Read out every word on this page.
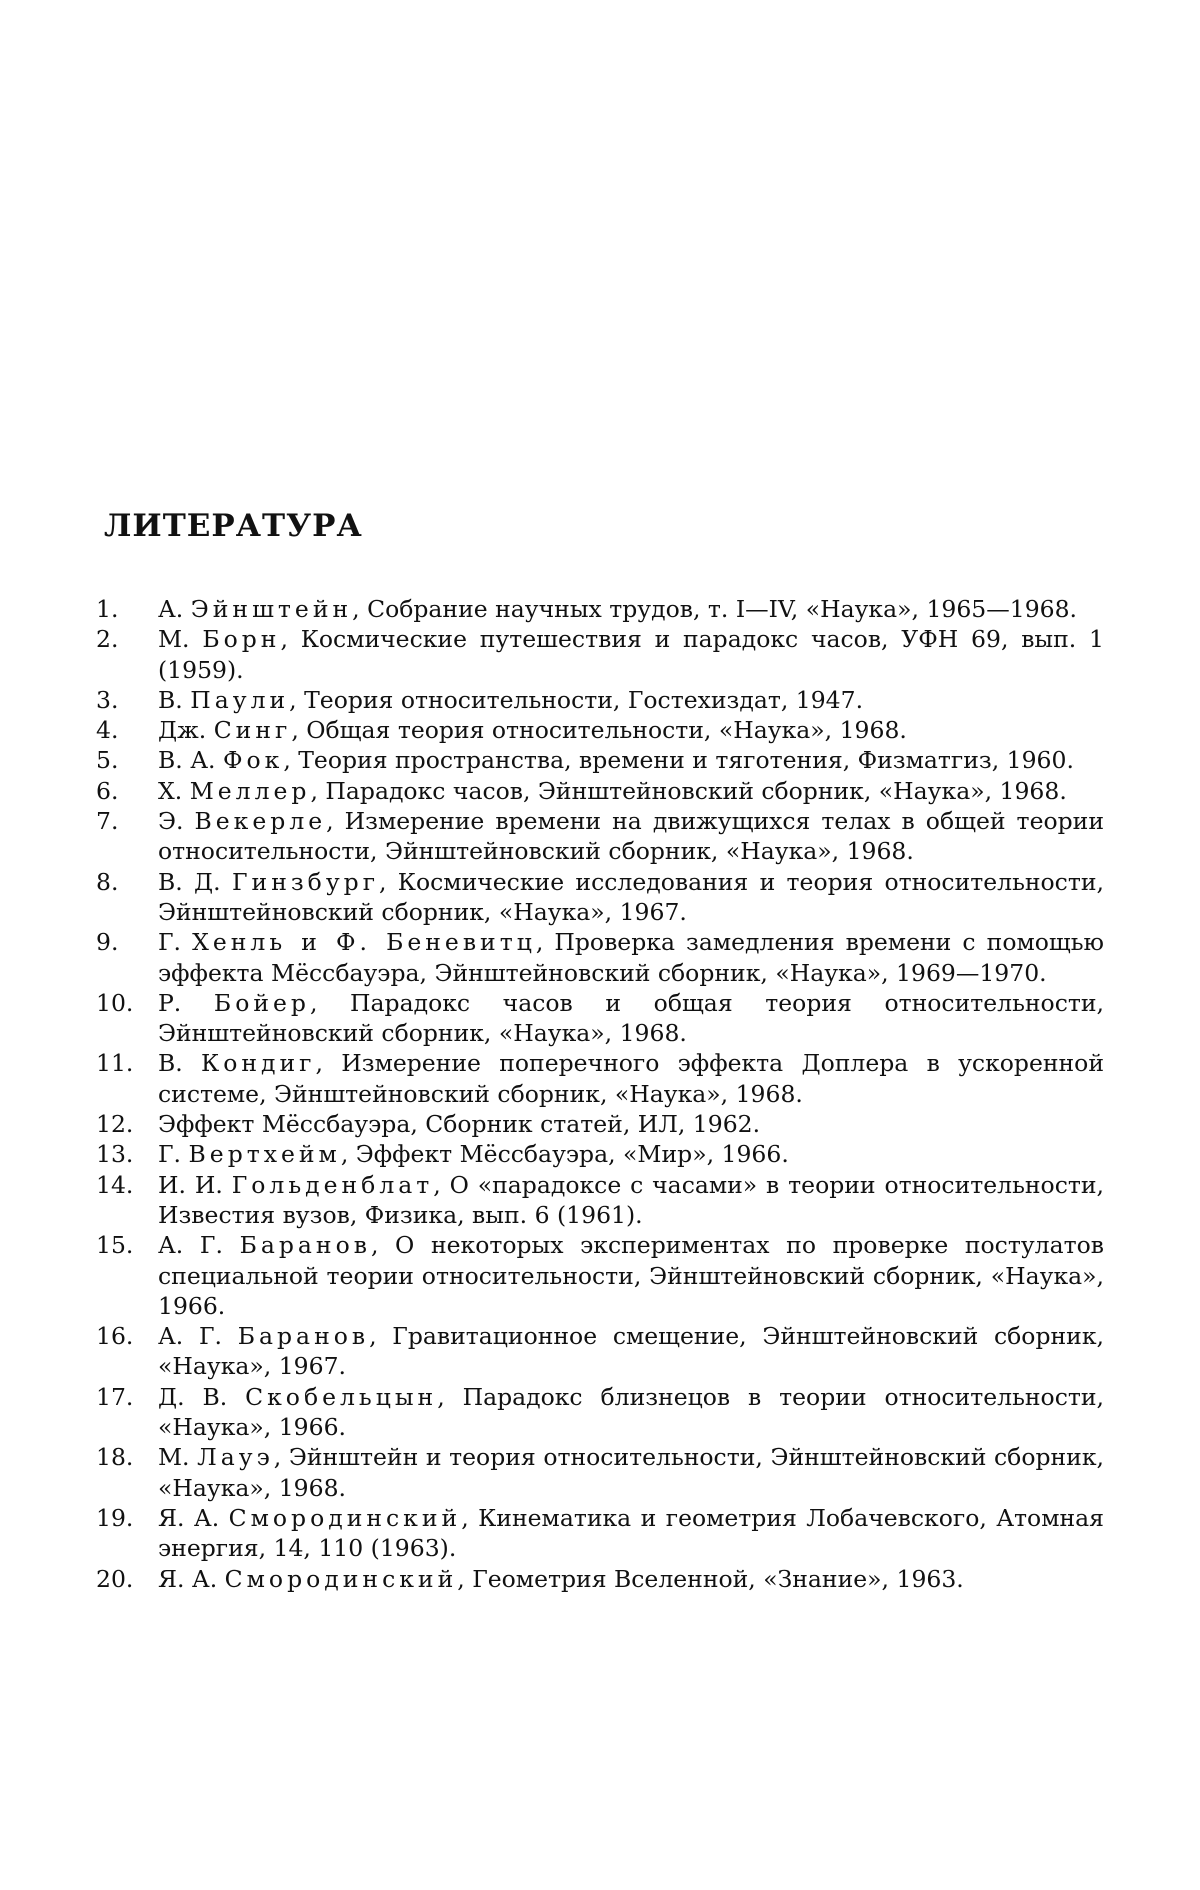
ЛИТЕРАТУРА
1.	А. Эйнштейн, Собрание научных трудов, т. I—IV, «Наука», 1965—1968.
2.	М. Борн, Космические путешествия и парадокс часов, УФН 69, вып. 1 (1959).
3.	В. Паули, Теория относительности, Гостехиздат, 1947.
4.	Дж. Синг, Общая теория относительности, «Наука», 1968.
5.	В. А. Фок, Теория пространства, времени и тяготения, Физматгиз, 1960.
6.	Х. Меллер, Парадокс часов, Эйнштейновский сборник, «Наука», 1968.
7.	Э. Векерле, Измерение времени на движущихся телах в общей теории относительности, Эйнштейновский сборник, «Наука», 1968.
8.	В. Д. Гинзбург, Космические исследования и теория относительности, Эйнштейновский сборник, «Наука», 1967.
9.	Г. Хенль и Ф. Беневитц, Проверка замедления времени с помощью эффекта Мёссбауэра, Эйнштейновский сборник, «Наука», 1969—1970.
10.	Р. Бойер, Парадокс часов и общая теория относительности, Эйнштейновский сборник, «Наука», 1968.
11.	В. Кондиг, Измерение поперечного эффекта Доплера в ускоренной системе, Эйнштейновский сборник, «Наука», 1968.
12.	Эффект Мёссбауэра, Сборник статей, ИЛ, 1962.
13.	Г. Вертхейм, Эффект Мёссбауэра, «Мир», 1966.
14.	И. И. Гольденблат, О «парадоксе с часами» в теории относительности, Известия вузов, Физика, вып. 6 (1961).
15.	А. Г. Баранов, О некоторых экспериментах по проверке постулатов специальной теории относительности, Эйнштейновский сборник, «Наука», 1966.
16.	А. Г. Баранов, Гравитационное смещение, Эйнштейновский сборник, «Наука», 1967.
17.	Д. В. Скобельцын, Парадокс близнецов в теории относительности, «Наука», 1966.
18.	М. Лауэ, Эйнштейн и теория относительности, Эйнштейновский сборник, «Наука», 1968.
19.	Я. А. Смородинский, Кинематика и геометрия Лобачевского, Атомная энергия, 14, 110 (1963).
20.	Я. А. Смородинский, Геометрия Вселенной, «Знание», 1963.
